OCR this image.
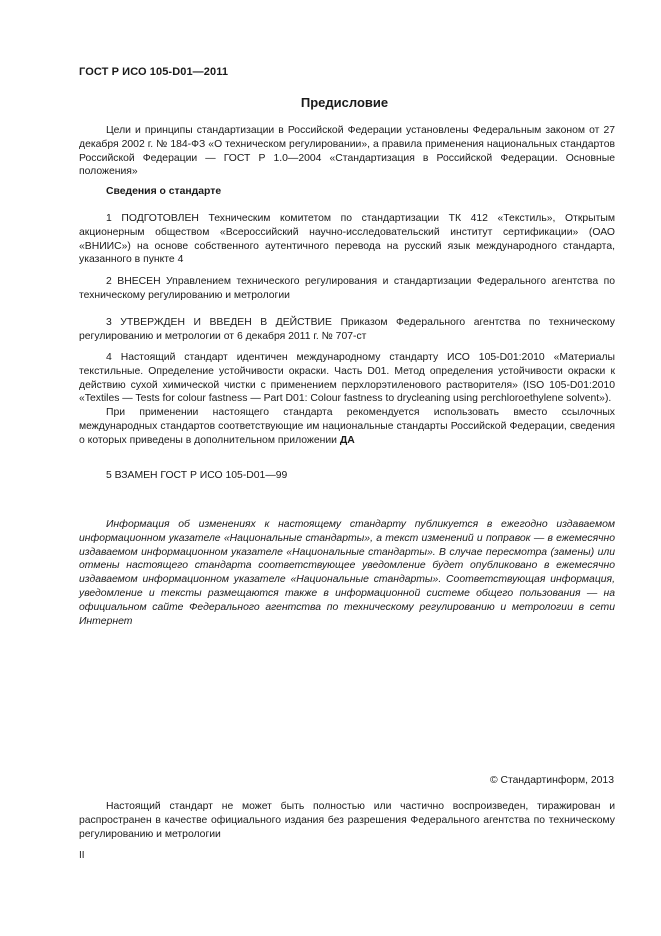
ГОСТ Р ИСО 105-D01—2011
Предисловие

Цели и принципы стандартизации в Российской Федерации установлены Федеральным законом от 27 декабря 2002 г. № 184-ФЗ «О техническом регулировании», а правила применения национальных стандартов Российской Федерации — ГОСТ Р 1.0—2004 «Стандартизация в Российской Федерации. Основные положения»

Сведения о стандарте

1 ПОДГОТОВЛЕН Техническим комитетом по стандартизации ТК 412 «Текстиль», Открытым акционерным обществом «Всероссийский научно-исследовательский институт сертификации» (ОАО «ВНИИС») на основе собственного аутентичного перевода на русский язык международного стандарта, указанного в пункте 4

2 ВНЕСЕН Управлением технического регулирования и стандартизации Федерального агентства по техническому регулированию и метрологии

3 УТВЕРЖДЕН И ВВЕДЕН В ДЕЙСТВИЕ Приказом Федерального агентства по техническому регулированию и метрологии от 6 декабря 2011 г. № 707-ст

4 Настоящий стандарт идентичен международному стандарту ИСО 105-D01:2010 «Материалы текстильные. Определение устойчивости окраски. Часть D01. Метод определения устойчивости окраски к действию сухой химической чистки с применением перхлорэтиленового растворителя» (ISO 105-D01:2010 «Textiles — Tests for colour fastness — Part D01: Colour fastness to drycleaning using perchloroethylene solvent»).

При применении настоящего стандарта рекомендуется использовать вместо ссылочных международных стандартов соответствующие им национальные стандарты Российской Федерации, сведения о которых приведены в дополнительном приложении ДА

5 ВЗАМЕН ГОСТ Р ИСО 105-D01—99

Информация об изменениях к настоящему стандарту публикуется в ежегодно издаваемом информационном указателе «Национальные стандарты», а текст изменений и поправок — в ежемесячно издаваемом информационном указателе «Национальные стандарты». В случае пересмотра (замены) или отмены настоящего стандарта соответствующее уведомление будет опубликовано в ежемесячно издаваемом информационном указателе «Национальные стандарты». Соответствующая информация, уведомление и тексты размещаются также в информационной системе общего пользования — на официальном сайте Федерального агентства по техническому регулированию и метрологии в сети Интернет

© Стандартинформ, 2013

Настоящий стандарт не может быть полностью или частично воспроизведен, тиражирован и распространен в качестве официального издания без разрешения Федерального агентства по техническому регулированию и метрологии

II
